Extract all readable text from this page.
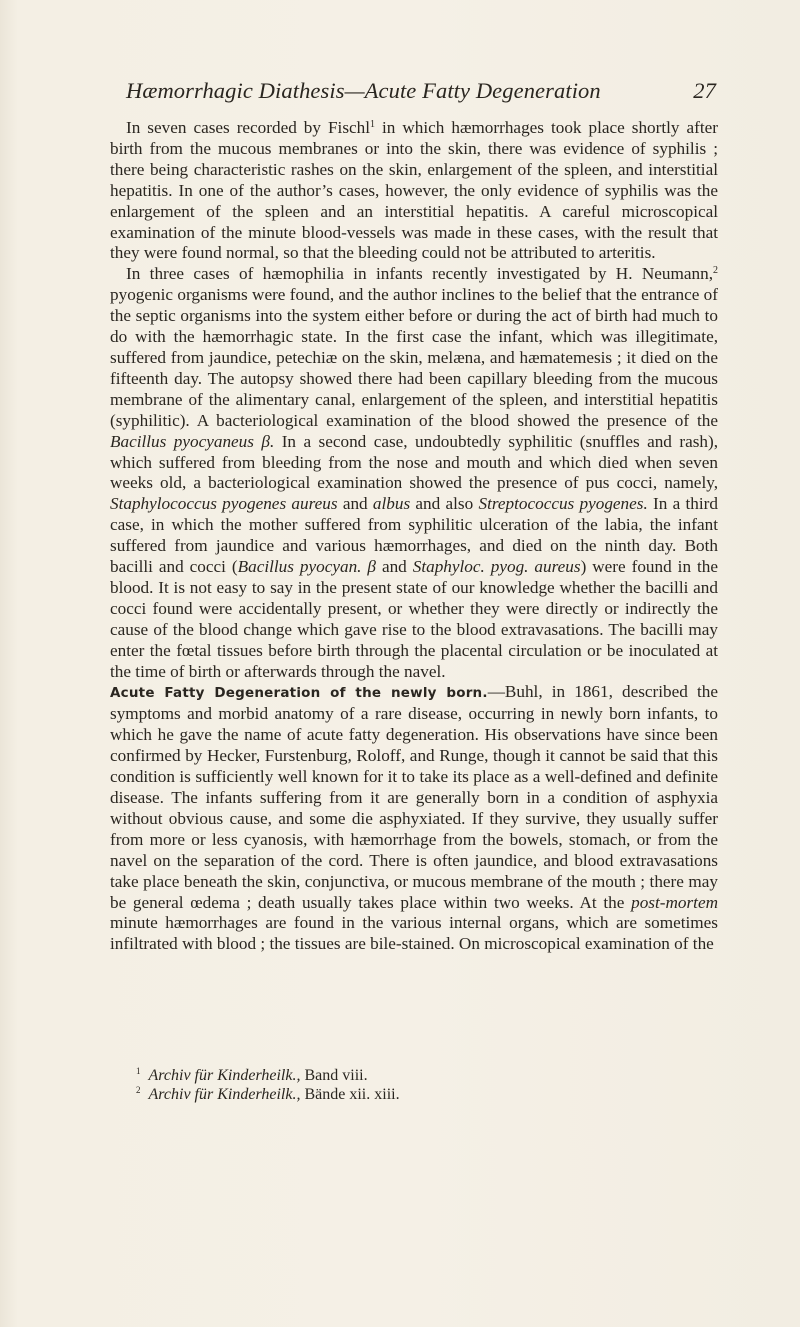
Hæmorrhagic Diathesis—Acute Fatty Degeneration	27

In seven cases recorded by Fischl$^1$ in which hæmorrhages took place shortly after birth from the mucous membranes or into the skin, there was evidence of syphilis ; there being characteristic rashes on the skin, enlargement of the spleen, and interstitial hepatitis. In one of the author’s cases, however, the only evidence of syphilis was the enlargement of the spleen and an interstitial hepatitis. A careful microscopical examination of the minute blood-vessels was made in these cases, with the result that they were found normal, so that the bleeding could not be attributed to arteritis.

In three cases of hæmophilia in infants recently investigated by H. Neumann,$^2$ pyogenic organisms were found, and the author inclines to the belief that the entrance of the septic organisms into the system either before or during the act of birth had much to do with the hæmorrhagic state. In the first case the infant, which was illegitimate, suffered from jaundice, petechiæ on the skin, melæna, and hæmatemesis ; it died on the fifteenth day. The autopsy showed there had been capillary bleeding from the mucous membrane of the alimentary canal, enlargement of the spleen, and interstitial hepatitis (syphilitic). A bacteriological examination of the blood showed the presence of the Bacillus pyocyaneus β. In a second case, undoubtedly syphilitic (snuffles and rash), which suffered from bleeding from the nose and mouth and which died when seven weeks old, a bacteriological examination showed the presence of pus cocci, namely, Staphylococcus pyogenes aureus and albus and also Streptococcus pyogenes. In a third case, in which the mother suffered from syphilitic ulceration of the labia, the infant suffered from jaundice and various hæmorrhages, and died on the ninth day. Both bacilli and cocci (Bacillus pyocyan. β and Staphyloc. pyog. aureus) were found in the blood. It is not easy to say in the present state of our knowledge whether the bacilli and cocci found were accidentally present, or whether they were directly or indirectly the cause of the blood change which gave rise to the blood extravasations. The bacilli may enter the fœtal tissues before birth through the placental circulation or be inoculated at the time of birth or afterwards through the navel.

Acute Fatty Degeneration of the newly born.—Buhl, in 1861, described the symptoms and morbid anatomy of a rare disease, occurring in newly born infants, to which he gave the name of acute fatty degeneration. His observations have since been confirmed by Hecker, Furstenburg, Roloff, and Runge, though it cannot be said that this condition is sufficiently well known for it to take its place as a well-defined and definite disease. The infants suffering from it are generally born in a condition of asphyxia without obvious cause, and some die asphyxiated. If they survive, they usually suffer from more or less cyanosis, with hæmorrhage from the bowels, stomach, or from the navel on the separation of the cord. There is often jaundice, and blood extravasations take place beneath the skin, conjunctiva, or mucous membrane of the mouth ; there may be general œdema ; death usually takes place within two weeks. At the post-mortem minute hæmorrhages are found in the various internal organs, which are sometimes infiltrated with blood ; the tissues are bile-stained. On microscopical examination of the

$^1$ Archiv für Kinderheilk., Band viii.
$^2$ Archiv für Kinderheilk., Bände xii. xiii.
